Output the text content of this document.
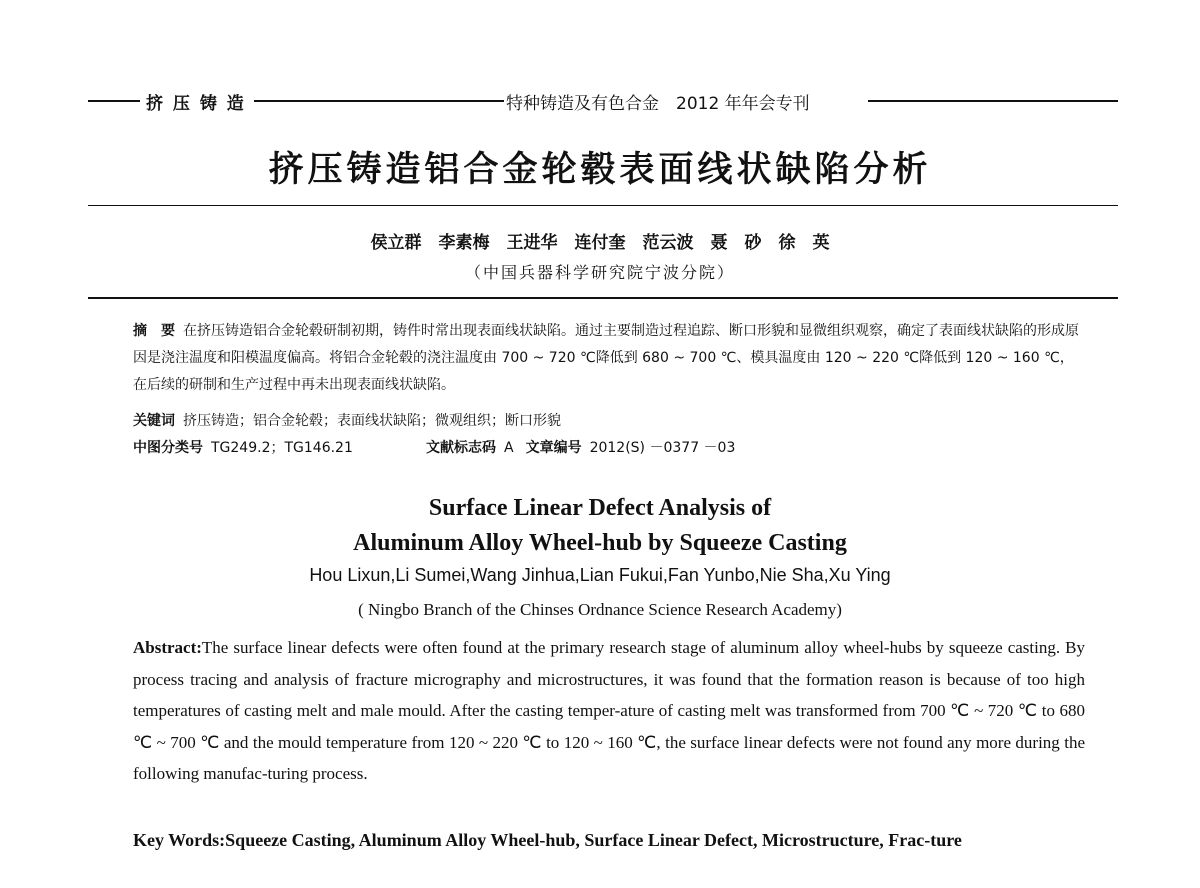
挤 压 铸 造	特种铸造及有色合金　2012 年年会专刊
挤压铸造铝合金轮毂表面线状缺陷分析
侯立群　李素梅　王进华　连付奎　范云波　聂　砂　徐　英
（中国兵器科学研究院宁波分院）
摘　要 在挤压铸造铝合金轮毂研制初期，铸件时常出现表面线状缺陷。通过主要制造过程追踪、断口形貌和显微组织观察，确定了表面线状缺陷的形成原因是浇注温度和阳模温度偏高。将铝合金轮毂的浇注温度由 700 ~ 720 ℃降低到 680 ~ 700 ℃、模具温度由 120 ~ 220 ℃降低到 120 ~ 160 ℃，在后续的研制和生产过程中再未出现表面线状缺陷。
关键词 挤压铸造；铝合金轮毂；表面线状缺陷；微观组织；断口形貌
中图分类号 TG249.2；TG146.21	文献标志码 A 文章编号 2012(S) －0377 －03
Surface Linear Defect Analysis of
Aluminum Alloy Wheel-hub by Squeeze Casting
Hou Lixun,Li Sumei,Wang Jinhua,Lian Fukui,Fan Yunbo,Nie Sha,Xu Ying
( Ningbo Branch of the Chinses Ordnance Science Research Academy)
Abstract:The surface linear defects were often found at the primary research stage of aluminum alloy wheel-hubs by squeeze casting. By process tracing and analysis of fracture micrography and microstructures, it was found that the formation reason is because of too high temperatures of casting melt and male mould. After the casting temper-ature of casting melt was transformed from 700 ℃ ~ 720 ℃ to 680 ℃ ~ 700 ℃ and the mould temperature from 120 ~ 220 ℃ to 120 ~ 160 ℃, the surface linear defects were not found any more during the following manufac-turing process.
Key Words:Squeeze Casting, Aluminum Alloy Wheel-hub, Surface Linear Defect, Microstructure, Frac-ture
